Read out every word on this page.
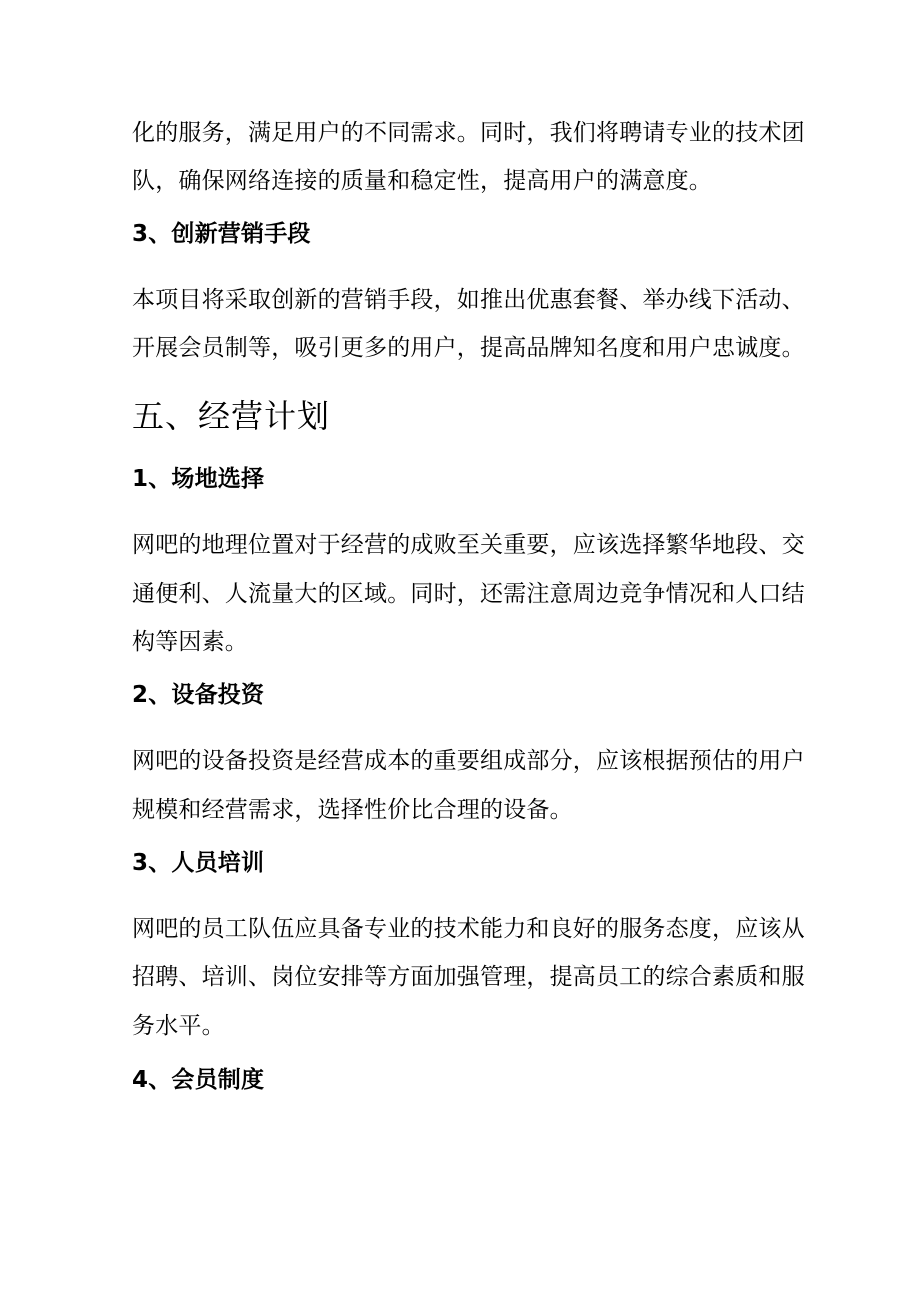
化的服务，满足用户的不同需求。同时，我们将聘请专业的技术团
队，确保网络连接的质量和稳定性，提高用户的满意度。
3、创新营销手段
本项目将采取创新的营销手段，如推出优惠套餐、举办线下活动、
开展会员制等，吸引更多的用户，提高品牌知名度和用户忠诚度。
五、经营计划
1、场地选择
网吧的地理位置对于经营的成败至关重要，应该选择繁华地段、交
通便利、人流量大的区域。同时，还需注意周边竞争情况和人口结
构等因素。
2、设备投资
网吧的设备投资是经营成本的重要组成部分，应该根据预估的用户
规模和经营需求，选择性价比合理的设备。
3、人员培训
网吧的员工队伍应具备专业的技术能力和良好的服务态度，应该从
招聘、培训、岗位安排等方面加强管理，提高员工的综合素质和服
务水平。
4、会员制度
